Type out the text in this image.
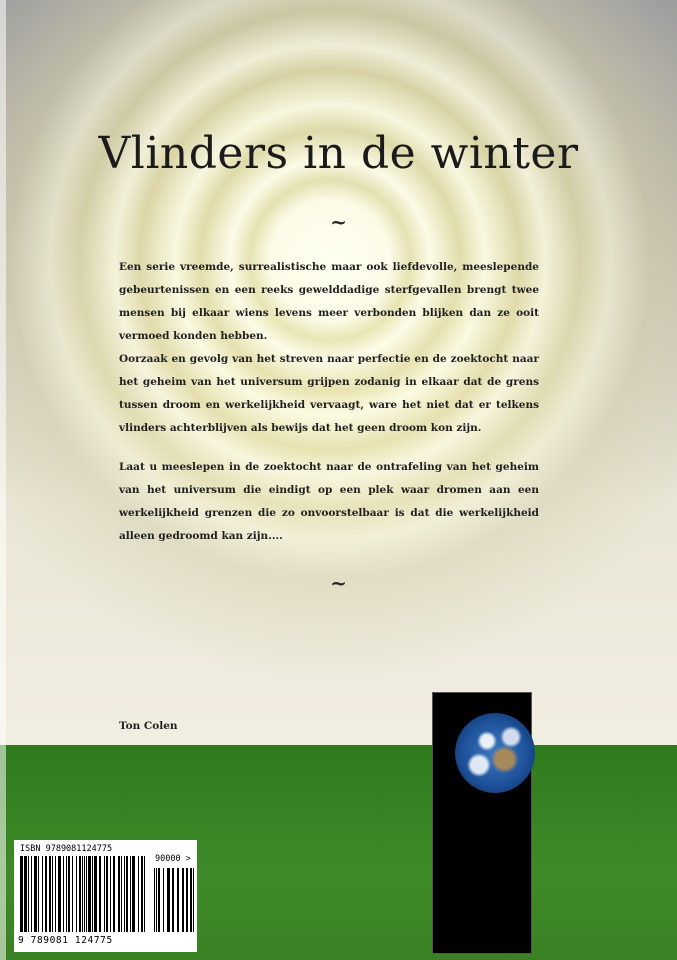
Vlinders in de winter
~

Een serie vreemde, surrealistische maar ook liefdevolle, meeslepende gebeurtenissen en een reeks gewelddadige sterfgevallen brengt twee mensen bij elkaar wiens levens meer verbonden blijken dan ze ooit vermoed konden hebben.

Oorzaak en gevolg van het streven naar perfectie en de zoektocht naar het geheim van het universum grijpen zodanig in elkaar dat de grens tussen droom en werkelijkheid vervaagt, ware het niet dat er telkens vlinders achterblijven als bewijs dat het geen droom kon zijn.

Laat u meeslepen in de zoektocht naar de ontrafeling van het geheim van het universum die eindigt op een plek waar dromen aan een werkelijkheid grenzen die zo onvoorstelbaar is dat die werkelijkheid alleen gedroomd kan zijn....

~
Ton Colen
ISBN 9789081124775
90000 >
9 789081 124775
